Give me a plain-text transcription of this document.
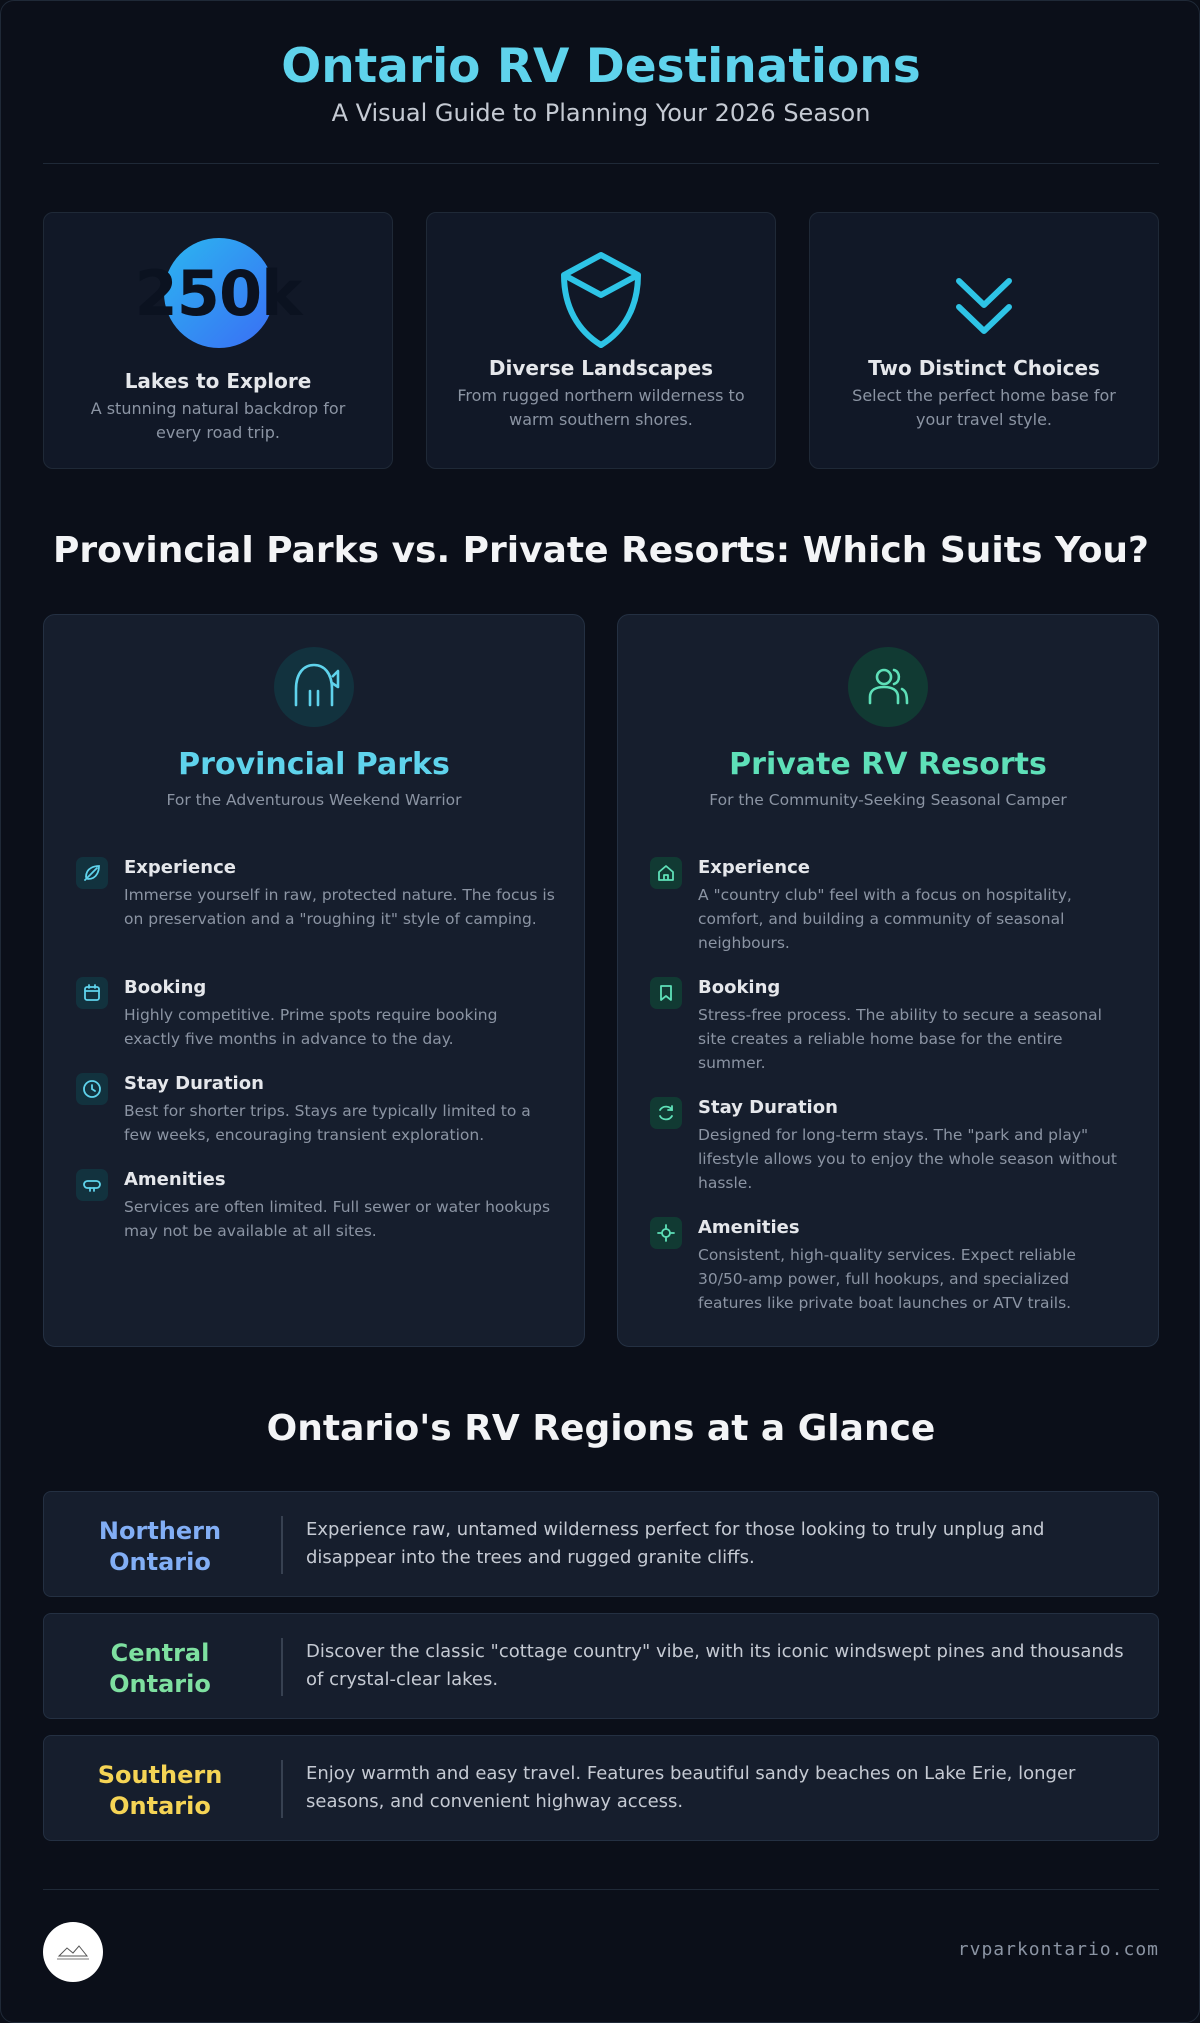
Ontario RV Destinations
A Visual Guide to Planning Your 2026 Season
250k
Lakes to Explore
A stunning natural backdrop for every road trip.
Diverse Landscapes
From rugged northern wilderness to warm southern shores.
Two Distinct Choices
Select the perfect home base for your travel style.
Provincial Parks vs. Private Resorts: Which Suits You?
Provincial Parks
For the Adventurous Weekend Warrior
Experience
Immerse yourself in raw, protected nature. The focus is on preservation and a "roughing it" style of camping.
Booking
Highly competitive. Prime spots require booking exactly five months in advance to the day.
Stay Duration
Best for shorter trips. Stays are typically limited to a few weeks, encouraging transient exploration.
Amenities
Services are often limited. Full sewer or water hookups may not be available at all sites.
Private RV Resorts
For the Community-Seeking Seasonal Camper
Experience
A "country club" feel with a focus on hospitality, comfort, and building a community of seasonal neighbours.
Booking
Stress-free process. The ability to secure a seasonal site creates a reliable home base for the entire summer.
Stay Duration
Designed for long-term stays. The "park and play" lifestyle allows you to enjoy the whole season without hassle.
Amenities
Consistent, high-quality services. Expect reliable 30/50-amp power, full hookups, and specialized features like private boat launches or ATV trails.
Ontario's RV Regions at a Glance
Northern
Ontario
Experience raw, untamed wilderness perfect for those looking to truly unplug and disappear into the trees and rugged granite cliffs.
Central
Ontario
Discover the classic "cottage country" vibe, with its iconic windswept pines and thousands of crystal-clear lakes.
Southern
Ontario
Enjoy warmth and easy travel. Features beautiful sandy beaches on Lake Erie, longer seasons, and convenient highway access.
rvparkontario.com
